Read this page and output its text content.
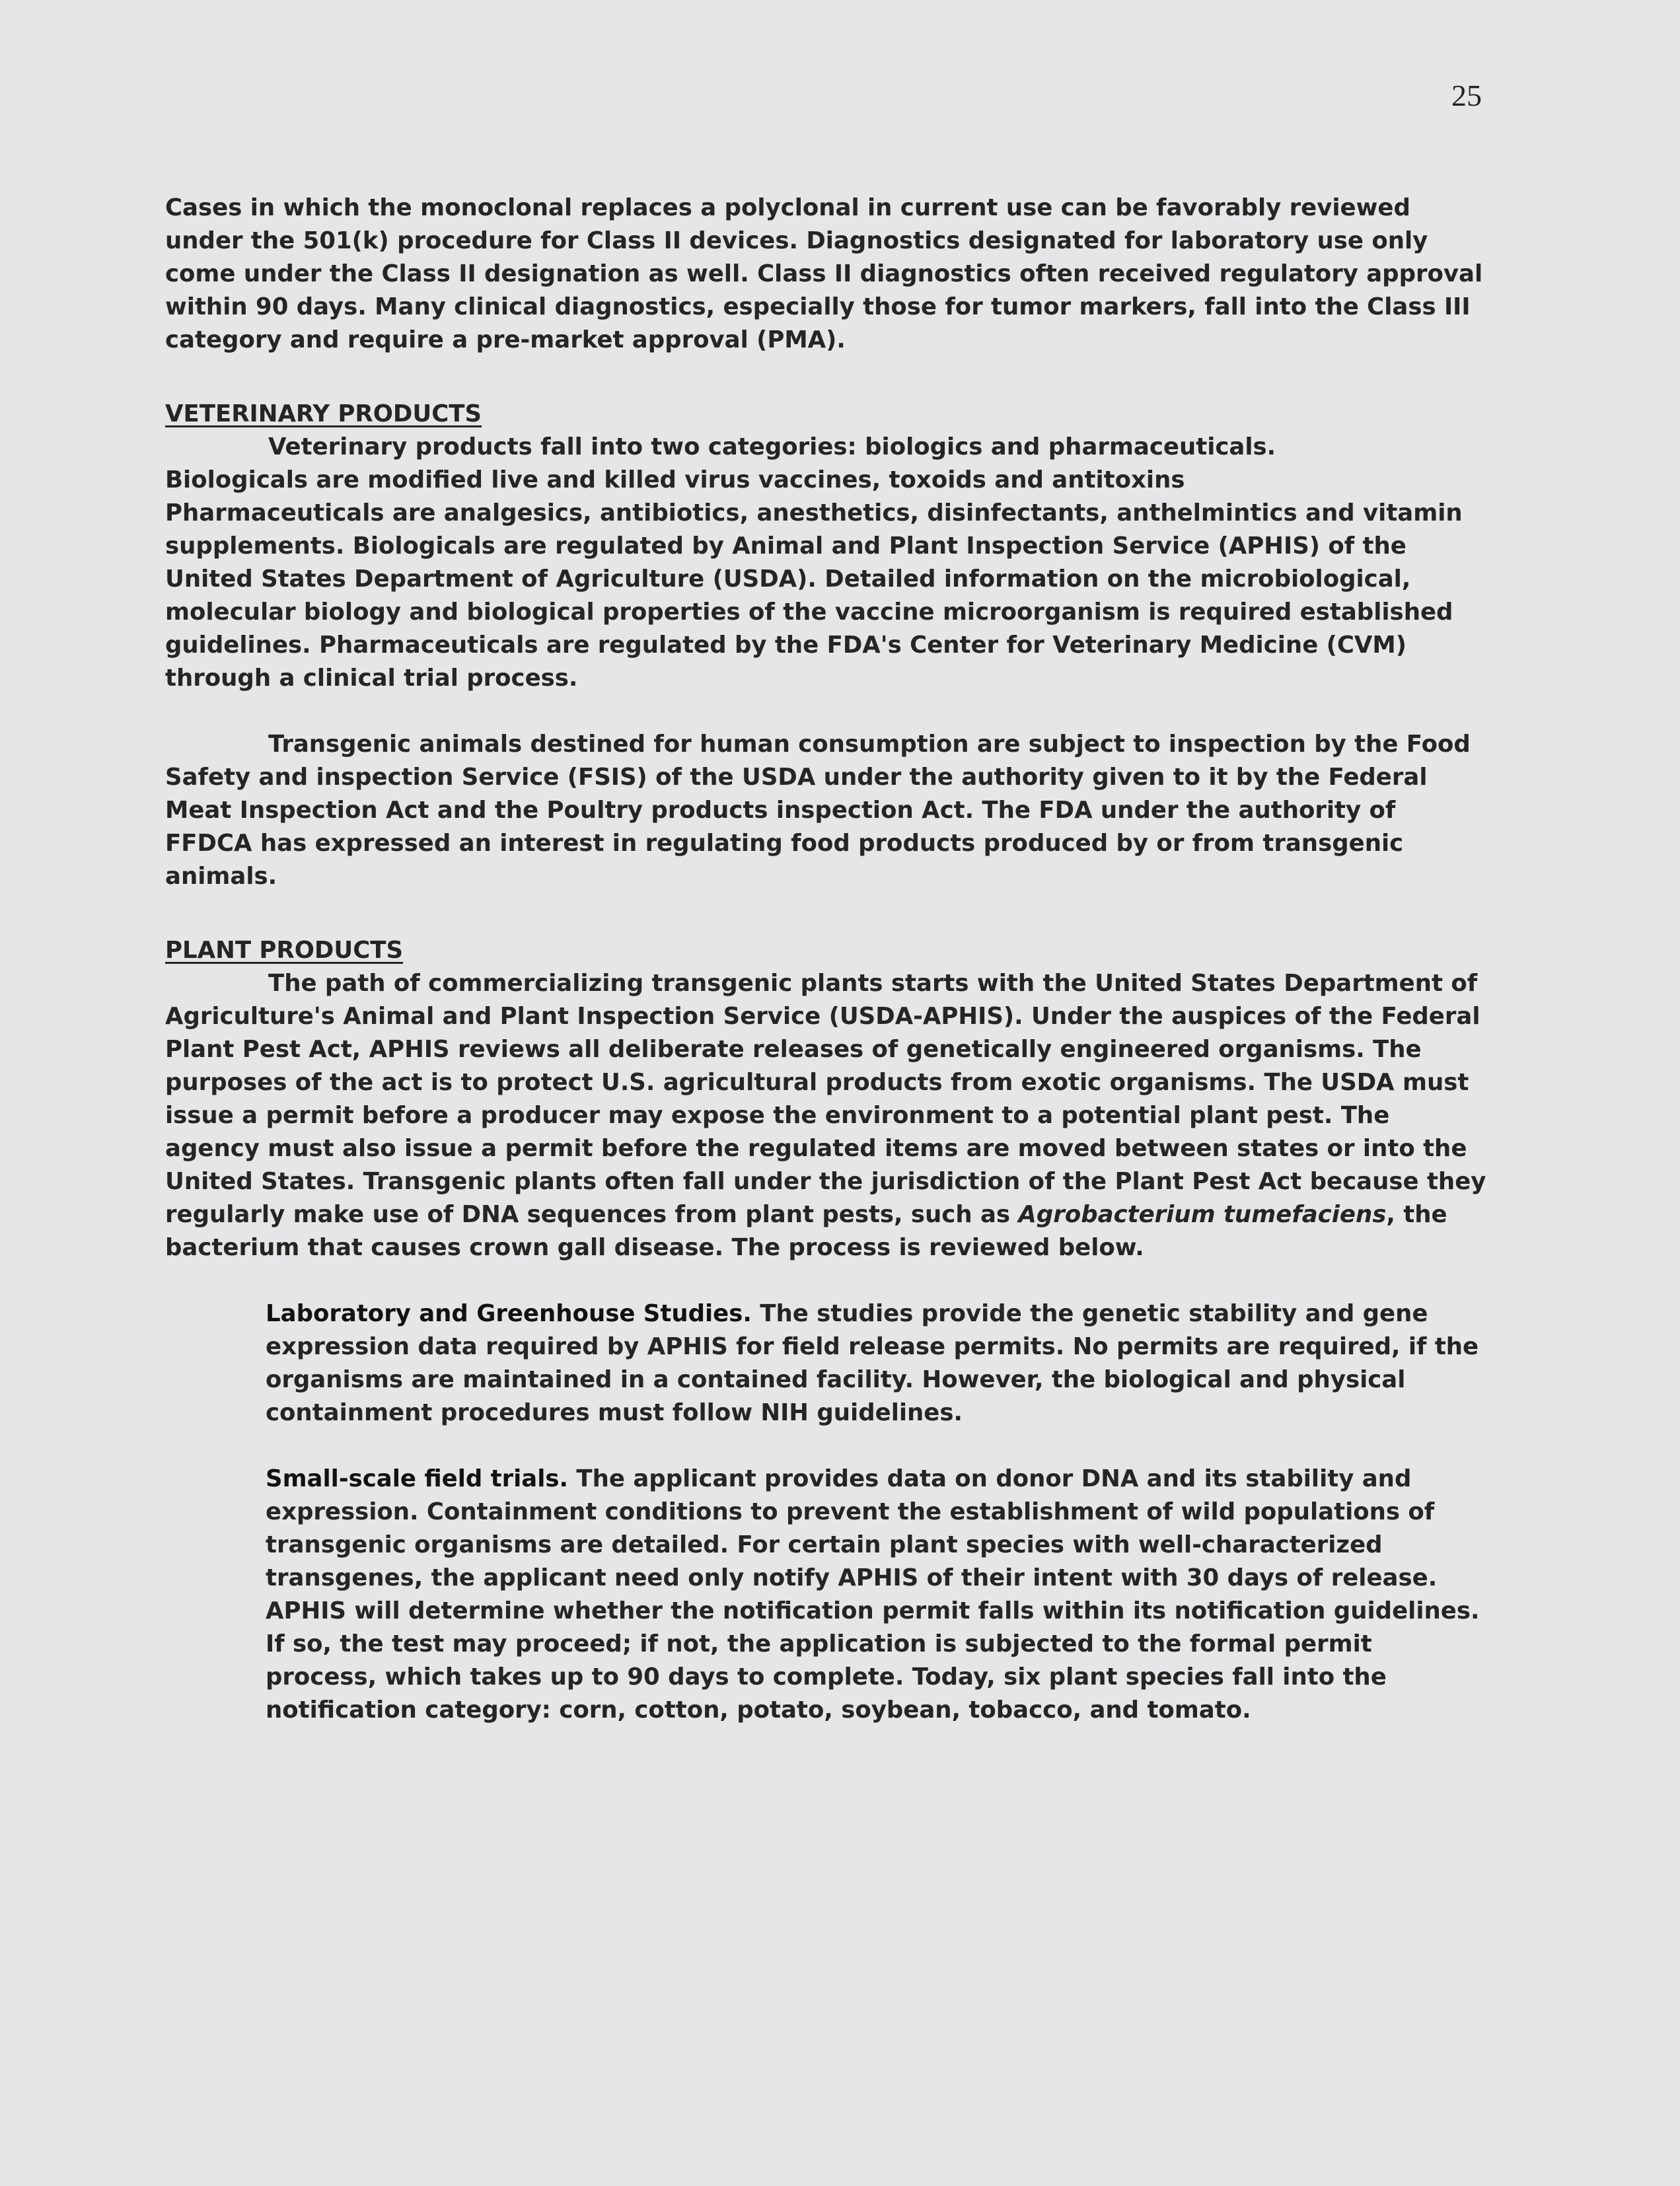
25

Cases in which the monoclonal replaces a polyclonal in current use can be favorably reviewed under the 501(k) procedure for Class II devices. Diagnostics designated for laboratory use only come under the Class II designation as well. Class II diagnostics often received regulatory approval within 90 days. Many clinical diagnostics, especially those for tumor markers, fall into the Class III category and require a pre-market approval (PMA).

VETERINARY PRODUCTS

Veterinary products fall into two categories: biologics and pharmaceuticals.

Biologicals are modified live and killed virus vaccines, toxoids and antitoxins

Pharmaceuticals are analgesics, antibiotics, anesthetics, disinfectants, anthelmintics and vitamin supplements. Biologicals are regulated by Animal and Plant Inspection Service (APHIS) of the United States Department of Agriculture (USDA). Detailed information on the microbiological, molecular biology and biological properties of the vaccine microorganism is required established guidelines. Pharmaceuticals are regulated by the FDA's Center for Veterinary Medicine (CVM) through a clinical trial process.

Transgenic animals destined for human consumption are subject to inspection by the Food Safety and inspection Service (FSIS) of the USDA under the authority given to it by the Federal Meat Inspection Act and the Poultry products inspection Act. The FDA under the authority of FFDCA has expressed an interest in regulating food products produced by or from transgenic animals.

PLANT PRODUCTS

The path of commercializing transgenic plants starts with the United States Department of Agriculture's Animal and Plant Inspection Service (USDA-APHIS). Under the auspices of the Federal Plant Pest Act, APHIS reviews all deliberate releases of genetically engineered organisms. The purposes of the act is to protect U.S. agricultural products from exotic organisms. The USDA must issue a permit before a producer may expose the environment to a potential plant pest. The agency must also issue a permit before the regulated items are moved between states or into the United States. Transgenic plants often fall under the jurisdiction of the Plant Pest Act because they regularly make use of DNA sequences from plant pests, such as Agrobacterium tumefaciens, the bacterium that causes crown gall disease. The process is reviewed below.

Laboratory and Greenhouse Studies. The studies provide the genetic stability and gene expression data required by APHIS for field release permits. No permits are required, if the organisms are maintained in a contained facility. However, the biological and physical containment procedures must follow NIH guidelines.

Small-scale field trials. The applicant provides data on donor DNA and its stability and expression. Containment conditions to prevent the establishment of wild populations of transgenic organisms are detailed. For certain plant species with well-characterized transgenes, the applicant need only notify APHIS of their intent with 30 days of release. APHIS will determine whether the notification permit falls within its notification guidelines. If so, the test may proceed; if not, the application is subjected to the formal permit process, which takes up to 90 days to complete. Today, six plant species fall into the notification category: corn, cotton, potato, soybean, tobacco, and tomato.
